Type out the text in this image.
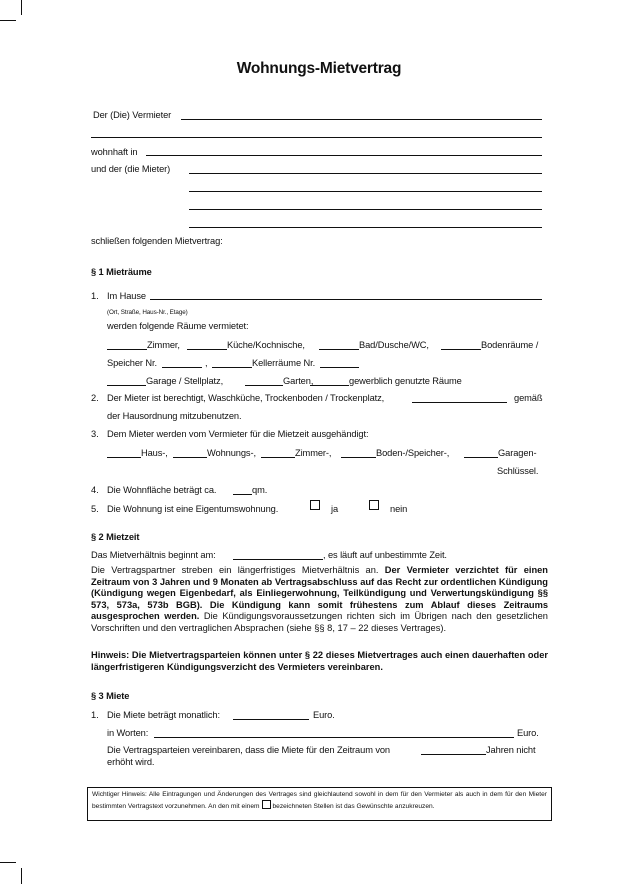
Wohnungs-Mietvertrag
Der (Die) Vermieter
wohnhaft in
und der (die Mieter)
schließen folgenden Mietvertrag:
§ 1 Mieträume
1. Im Hause
(Ort, Straße, Haus-Nr., Etage)
werden folgende Räume vermietet:
Zimmer,	Küche/Kochnische,	Bad/Dusche/WC,	Bodenräume /
Speicher Nr.	,	Kellerräume Nr.
Garage / Stellplatz,	Garten,	gewerblich genutzte Räume
2. Der Mieter ist berechtigt, Waschküche, Trockenboden / Trockenplatz,	gemäß
der Hausordnung mitzubenutzen.
3. Dem Mieter werden vom Vermieter für die Mietzeit ausgehändigt:
Haus-,	Wohnungs-,	Zimmer-,	Boden-/Speicher-,	Garagen-
Schlüssel.
4. Die Wohnfläche beträgt ca.	qm.
5. Die Wohnung ist eine Eigentumswohnung.	ja	nein
§ 2 Mietzeit
Das Mietverhältnis beginnt am:	, es läuft auf unbestimmte Zeit.
Die Vertragspartner streben ein längerfristiges Mietverhältnis an. Der Vermieter verzichtet für einen Zeitraum von 3 Jahren und 9 Monaten ab Vertragsabschluss auf das Recht zur ordentlichen Kündigung (Kündigung wegen Eigenbedarf, als Einliegerwohnung, Teilkündigung und Verwertungskündigung §§ 573, 573a, 573b BGB). Die Kündigung kann somit frühestens zum Ablauf dieses Zeitraums ausgesprochen werden. Die Kündigungsvoraussetzungen richten sich im Übrigen nach den gesetzlichen Vorschriften und den vertraglichen Absprachen (siehe §§ 8, 17 – 22 dieses Vertrages).
Hinweis: Die Mietvertragsparteien können unter § 22 dieses Mietvertrages auch einen dauerhaften oder längerfristigeren Kündigungsverzicht des Vermieters vereinbaren.
§ 3 Miete
1. Die Miete beträgt monatlich:	Euro.
in Worten:	Euro.
Die Vertragsparteien vereinbaren, dass die Miete für den Zeitraum von	Jahren nicht
erhöht wird.
Wichtiger Hinweis: Alle Eintragungen und Änderungen des Vertrages sind gleichlautend sowohl in dem für den Vermieter als auch in dem für den Mieter bestimmten Vertragstext vorzunehmen. An den mit einem bezeichneten Stellen ist das Gewünschte anzukreuzen.
